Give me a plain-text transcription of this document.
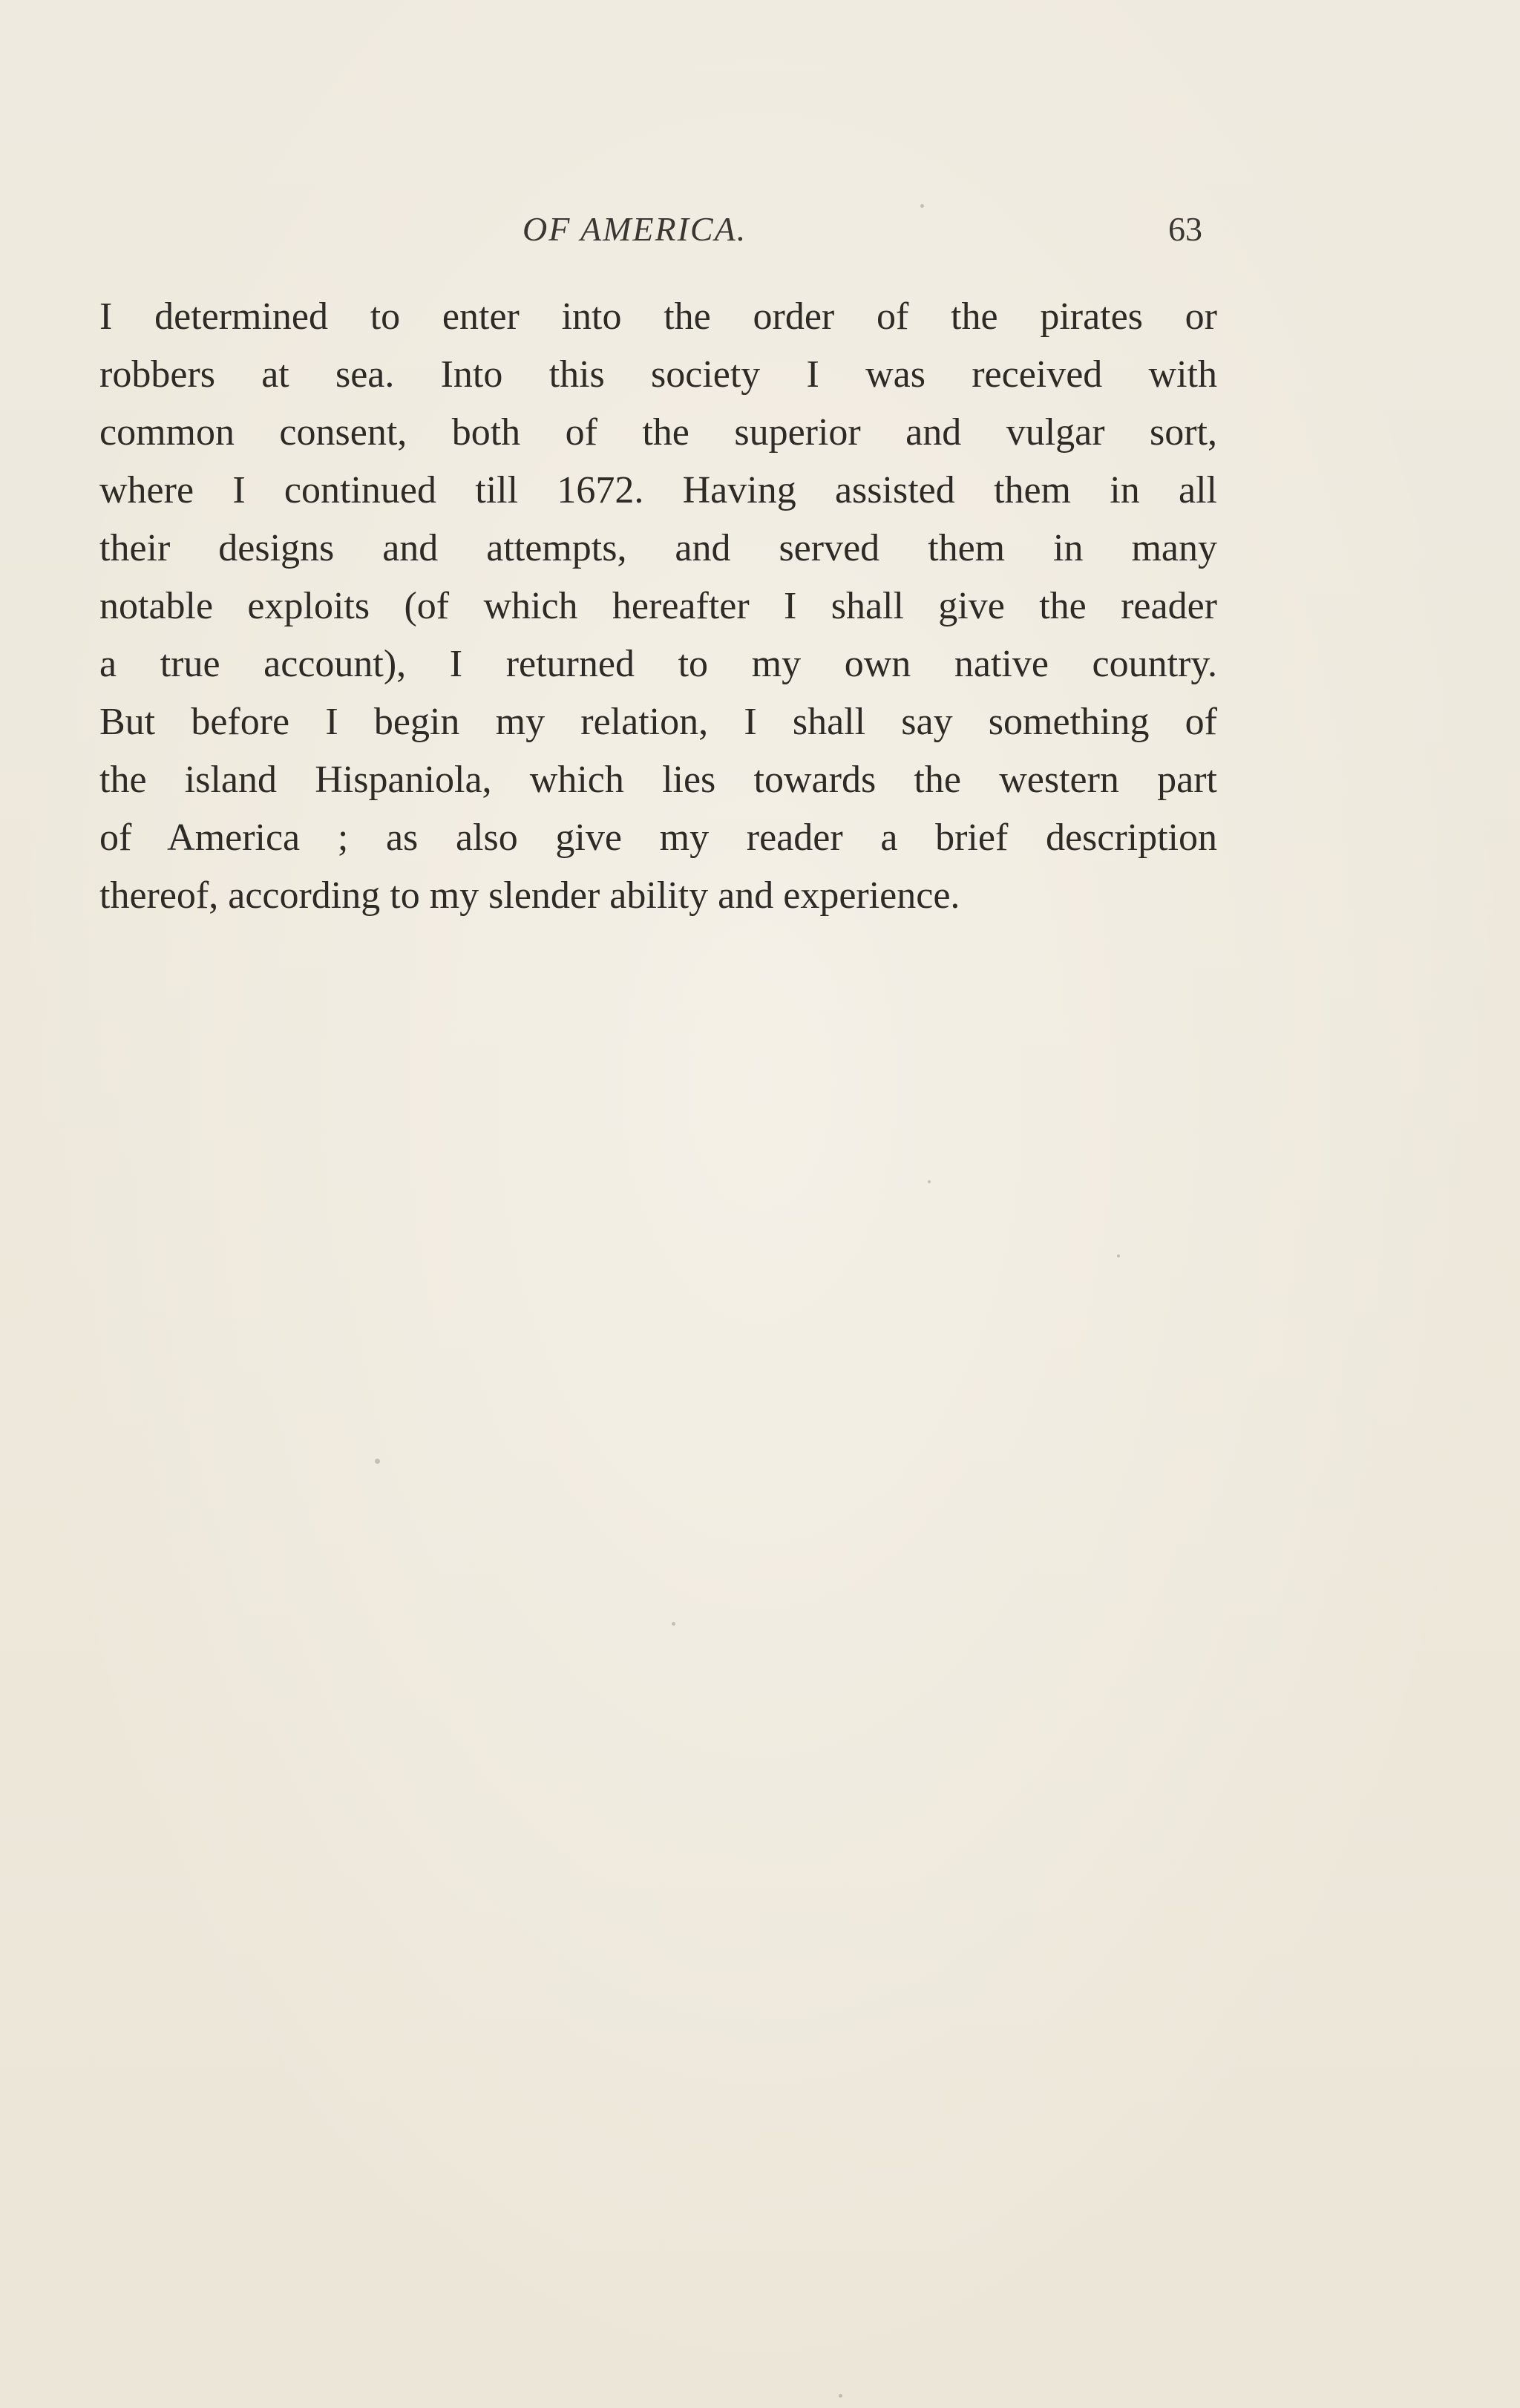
OF AMERICA.	63
I determined to enter into the order of the pirates or
robbers at sea. Into this society I was received with
common consent, both of the superior and vulgar sort,
where I continued till 1672. Having assisted them in all
their designs and attempts, and served them in many
notable exploits (of which hereafter I shall give the reader
a true account), I returned to my own native country.
But before I begin my relation, I shall say something of
the island Hispaniola, which lies towards the western part
of America ; as also give my reader a brief description
thereof, according to my slender ability and experience.
